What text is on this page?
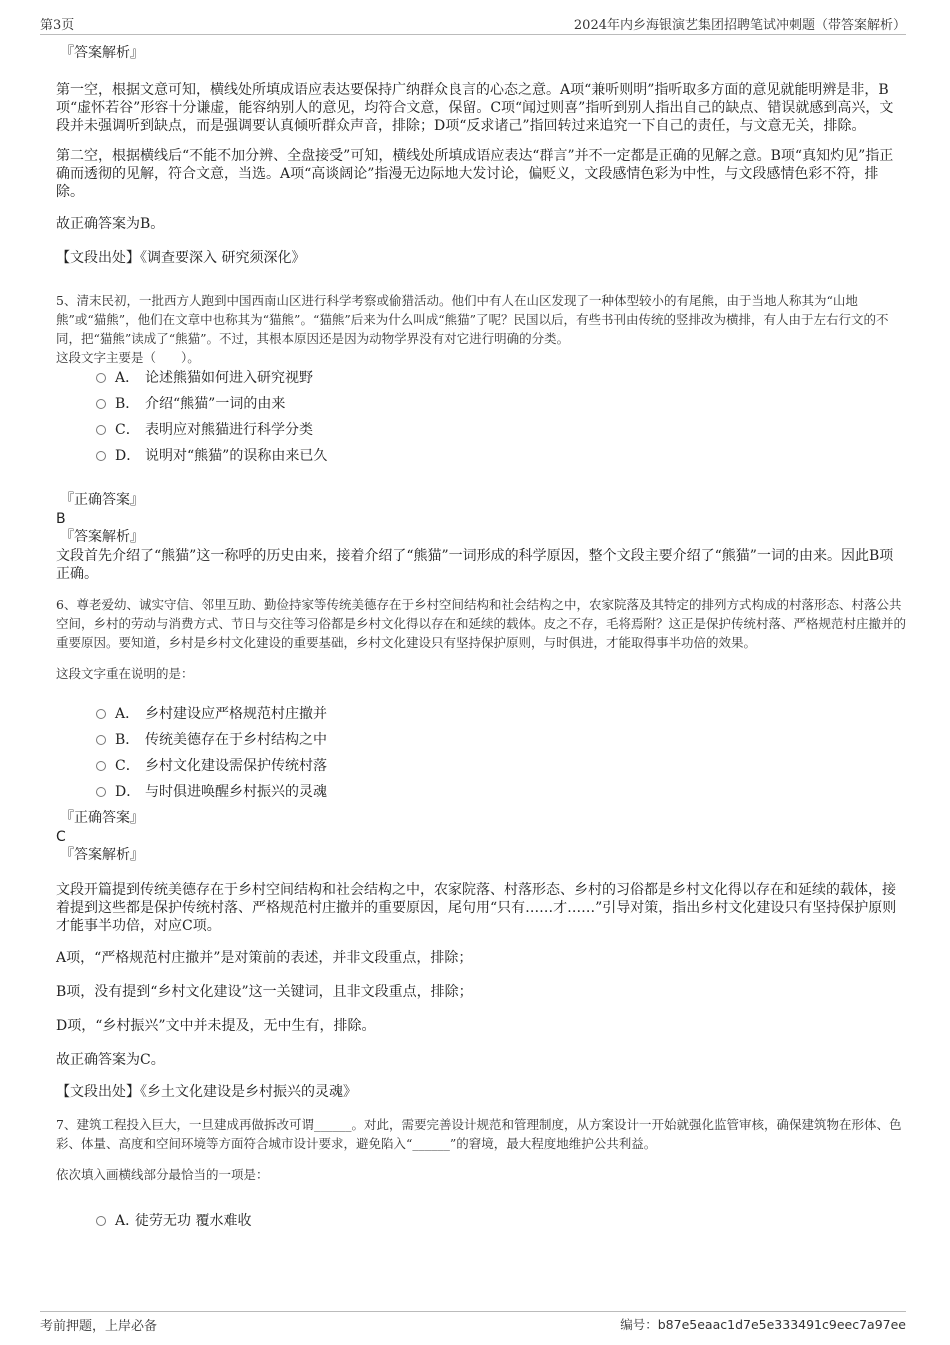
第3页	2024年内乡海银演艺集团招聘笔试冲刺题（带答案解析）

『答案解析』

第一空，根据文意可知，横线处所填成语应表达要保持广纳群众良言的心态之意。A项“兼听则明”指听取多方面的意见就能明辨是非，B项“虚怀若谷”形容十分谦虚，能容纳别人的意见，均符合文意，保留。C项“闻过则喜”指听到别人指出自己的缺点、错误就感到高兴，文段并未强调听到缺点，而是强调要认真倾听群众声音，排除；D项“反求诸己”指回转过来追究一下自己的责任，与文意无关，排除。

第二空，根据横线后“不能不加分辨、全盘接受”可知，横线处所填成语应表达“群言”并不一定都是正确的见解之意。B项“真知灼见”指正确而透彻的见解，符合文意，当选。A项“高谈阔论”指漫无边际地大发讨论，偏贬义，文段感情色彩为中性，与文段感情色彩不符，排除。

故正确答案为B。

【文段出处】《调查要深入 研究须深化》

5、清末民初，一批西方人跑到中国西南山区进行科学考察或偷猎活动。他们中有人在山区发现了一种体型较小的有尾熊，由于当地人称其为“山地熊”或“猫熊”，他们在文章中也称其为“猫熊”。“猫熊”后来为什么叫成“熊猫”了呢？民国以后，有些书刊由传统的竖排改为横排，有人由于左右行文的不同，把“猫熊”读成了“熊猫”。不过，其根本原因还是因为动物学界没有对它进行明确的分类。

这段文字主要是（　　）。

A． 论述熊猫如何进入研究视野
B． 介绍“熊猫”一词的由来
C． 表明应对熊猫进行科学分类
D． 说明对“熊猫”的误称由来已久

『正确答案』

B

『答案解析』

文段首先介绍了“熊猫”这一称呼的历史由来，接着介绍了“熊猫”一词形成的科学原因，整个文段主要介绍了“熊猫”一词的由来。因此B项正确。

6、尊老爱幼、诚实守信、邻里互助、勤俭持家等传统美德存在于乡村空间结构和社会结构之中，农家院落及其特定的排列方式构成的村落形态、村落公共空间，乡村的劳动与消费方式、节日与交往等习俗都是乡村文化得以存在和延续的载体。皮之不存，毛将焉附？这正是保护传统村落、严格规范村庄撤并的重要原因。要知道，乡村是乡村文化建设的重要基础，乡村文化建设只有坚持保护原则，与时俱进，才能取得事半功倍的效果。

这段文字重在说明的是：

A． 乡村建设应严格规范村庄撤并
B． 传统美德存在于乡村结构之中
C． 乡村文化建设需保护传统村落
D． 与时俱进唤醒乡村振兴的灵魂

『正确答案』

C

『答案解析』

文段开篇提到传统美德存在于乡村空间结构和社会结构之中，农家院落、村落形态、乡村的习俗都是乡村文化得以存在和延续的载体，接着提到这些都是保护传统村落、严格规范村庄撤并的重要原因，尾句用“只有……才……”引导对策，指出乡村文化建设只有坚持保护原则才能事半功倍，对应C项。

A项，“严格规范村庄撤并”是对策前的表述，并非文段重点，排除；

B项，没有提到“乡村文化建设”这一关键词，且非文段重点，排除；

D项，“乡村振兴”文中并未提及，无中生有，排除。

故正确答案为C。

【文段出处】《乡土文化建设是乡村振兴的灵魂》

7、建筑工程投入巨大，一旦建成再做拆改可谓______。对此，需要完善设计规范和管理制度，从方案设计一开始就强化监管审核，确保建筑物在形体、色彩、体量、高度和空间环境等方面符合城市设计要求，避免陷入“______”的窘境，最大程度地维护公共利益。

依次填入画横线部分最恰当的一项是：

A．
徒劳无功 覆水难收
考前押题，上岸必备	编号：b87e5eaac1d7e5e333491c9eec7a97ee
